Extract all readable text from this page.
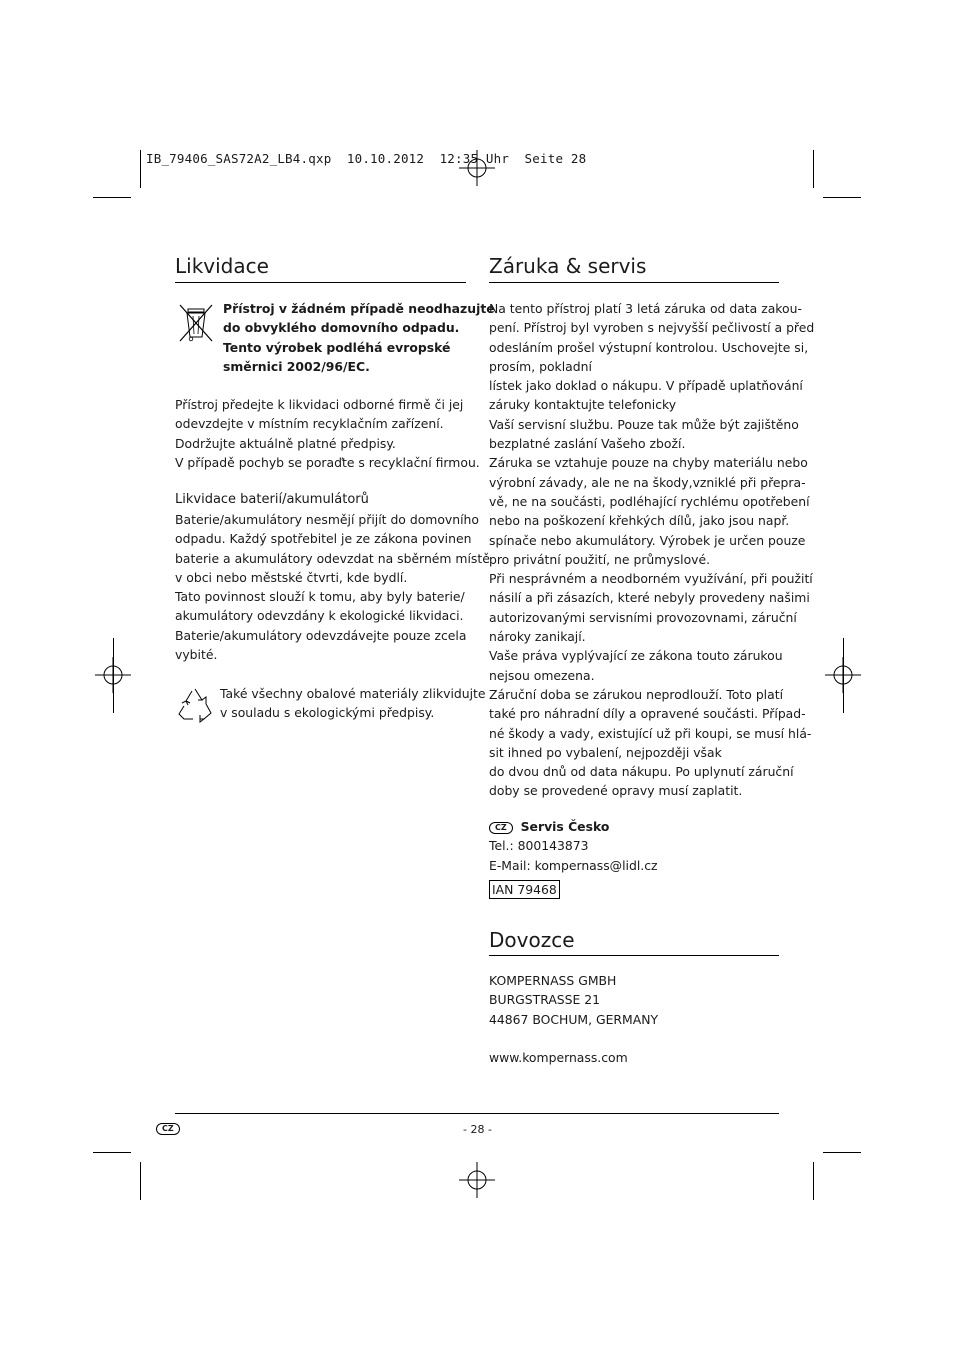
IB_79406_SAS72A2_LB4.qxp  10.10.2012  12:35 Uhr  Seite 28
Likvidace
Přístroj v žádném případě neodhazujte
do obvyklého domovního odpadu.
Tento výrobek podléhá evropské
směrnici 2002/96/EC.
Přístroj předejte k likvidaci odborné firmě či jej
odevzdejte v místním recyklačním zařízení.
Dodržujte aktuálně platné předpisy.
V případě pochyb se poraďte s recyklační firmou.
Likvidace baterií/akumulátorů
Baterie/akumulátory nesmějí přijít do domovního
odpadu. Každý spotřebitel je ze zákona povinen
baterie a akumulátory odevzdat na sběrném místě
v obci nebo městské čtvrti, kde bydlí.
Tato povinnost slouží k tomu, aby byly baterie/
akumulátory odevzdány k ekologické likvidaci.
Baterie/akumulátory odevzdávejte pouze zcela
vybité.
Také všechny obalové materiály zlikvidujte
v souladu s ekologickými předpisy.
Záruka & servis
Na tento přístroj platí 3 letá záruka od data zakou-
pení. Přístroj byl vyroben s nejvyšší pečlivostí a před
odesláním prošel výstupní kontrolou. Uschovejte si,
prosím, pokladní
lístek jako doklad o nákupu. V případě uplatňování
záruky kontaktujte telefonicky
Vaší servisní službu. Pouze tak může být zajištěno
bezplatné zaslání Vašeho zboží.
Záruka se vztahuje pouze na chyby materiálu nebo
výrobní závady, ale ne na škody,vzniklé při přepra-
vě, ne na součásti, podléhající rychlému opotřebení
nebo na poškození křehkých dílů, jako jsou např.
spínače nebo akumulátory. Výrobek je určen pouze
pro privátní použití, ne průmyslové.
Při nesprávném a neodborném využívání, při použití
násilí a při zásazích, které nebyly provedeny našimi
autorizovanými servisními provozovnami, záruční
nároky zanikají.
Vaše práva vyplývající ze zákona touto zárukou
nejsou omezena.
Záruční doba se zárukou neprodlouží. Toto platí
také pro náhradní díly a opravené součásti. Případ-
né škody a vady, existující už při koupi, se musí hlá-
sit ihned po vybalení, nejpozději však
do dvou dnů od data nákupu. Po uplynutí záruční
doby se provedené opravy musí zaplatit.
CZ Servis Česko
Tel.: 800143873
E-Mail: kompernass@lidl.cz
IAN 79468
Dovozce
KOMPERNASS GMBH
BURGSTRASSE 21
44867 BOCHUM, GERMANY
www.kompernass.com
CZ	- 28 -
